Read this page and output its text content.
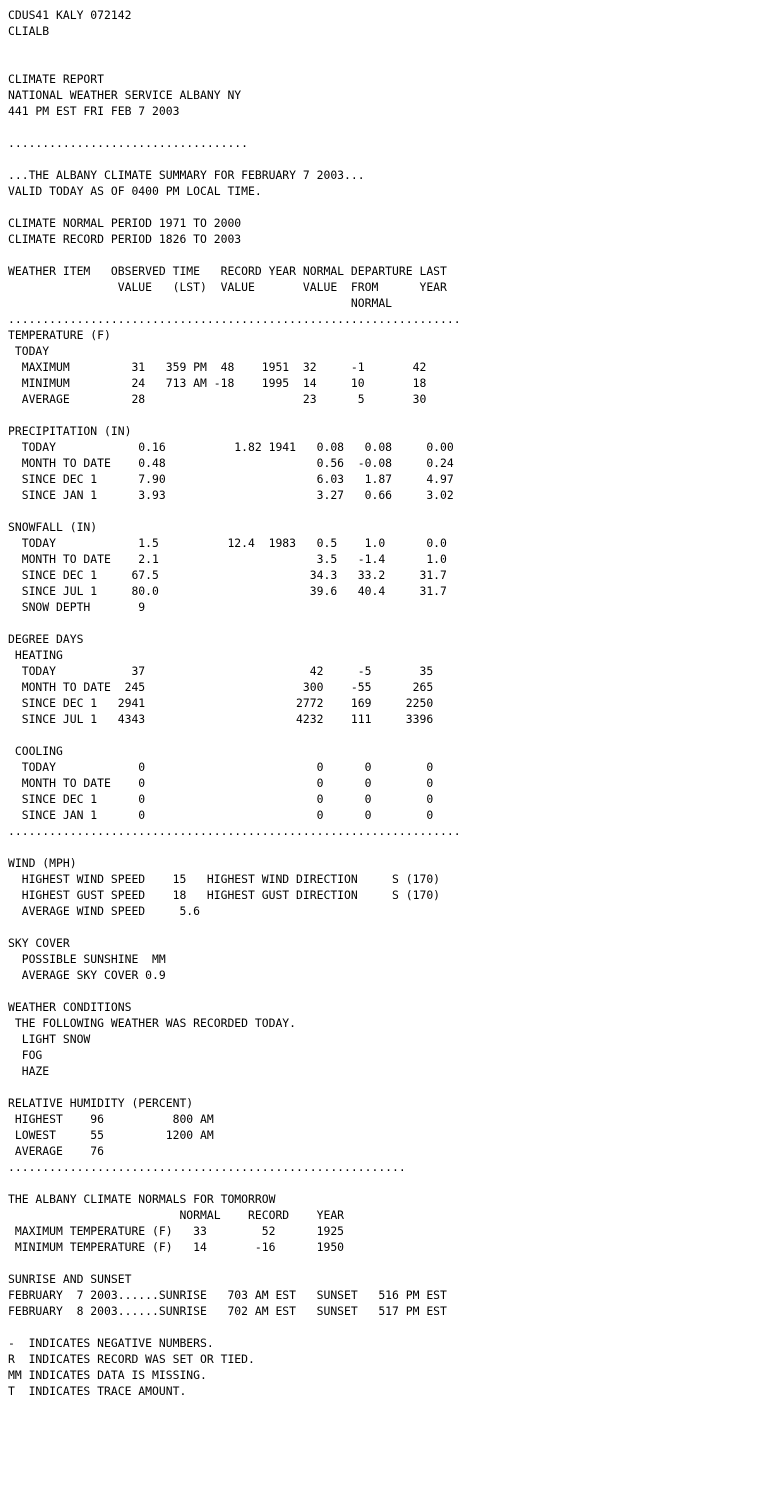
CDUS41 KALY 072142
CLIALB
CLIMATE REPORT
NATIONAL WEATHER SERVICE ALBANY NY
441 PM EST FRI FEB 7 2003
...................................
...THE ALBANY CLIMATE SUMMARY FOR FEBRUARY 7 2003...
VALID TODAY AS OF 0400 PM LOCAL TIME.
CLIMATE NORMAL PERIOD 1971 TO 2000
CLIMATE RECORD PERIOD 1826 TO 2003
WEATHER ITEM   OBSERVED TIME   RECORD YEAR NORMAL DEPARTURE LAST
VALUE   (LST)  VALUE       VALUE  FROM      YEAR
NORMAL
..................................................................
TEMPERATURE (F)
TODAY
MAXIMUM         31   359 PM  48    1951  32     -1       42
MINIMUM         24   713 AM -18    1995  14     10       18
AVERAGE         28                       23      5       30
PRECIPITATION (IN)
TODAY            0.16          1.82 1941   0.08   0.08     0.00
MONTH TO DATE    0.48                      0.56  -0.08     0.24
SINCE DEC 1      7.90                      6.03   1.87     4.97
SINCE JAN 1      3.93                      3.27   0.66     3.02
SNOWFALL (IN)
TODAY            1.5          12.4  1983   0.5    1.0      0.0
MONTH TO DATE    2.1                       3.5   -1.4      1.0
SINCE DEC 1     67.5                      34.3   33.2     31.7
SINCE JUL 1     80.0                      39.6   40.4     31.7
SNOW DEPTH       9
DEGREE DAYS
HEATING
TODAY           37                        42     -5       35
MONTH TO DATE  245                       300    -55      265
SINCE DEC 1   2941                      2772    169     2250
SINCE JUL 1   4343                      4232    111     3396
COOLING
TODAY            0                         0      0        0
MONTH TO DATE    0                         0      0        0
SINCE DEC 1      0                         0      0        0
SINCE JAN 1      0                         0      0        0
..................................................................
WIND (MPH)
HIGHEST WIND SPEED    15   HIGHEST WIND DIRECTION     S (170)
HIGHEST GUST SPEED    18   HIGHEST GUST DIRECTION     S (170)
AVERAGE WIND SPEED     5.6
SKY COVER
POSSIBLE SUNSHINE  MM
AVERAGE SKY COVER 0.9
WEATHER CONDITIONS
THE FOLLOWING WEATHER WAS RECORDED TODAY.
LIGHT SNOW
FOG
HAZE
RELATIVE HUMIDITY (PERCENT)
HIGHEST    96          800 AM
LOWEST     55         1200 AM
AVERAGE    76
..........................................................
THE ALBANY CLIMATE NORMALS FOR TOMORROW
NORMAL    RECORD    YEAR
MAXIMUM TEMPERATURE (F)   33        52      1925
MINIMUM TEMPERATURE (F)   14       -16      1950
SUNRISE AND SUNSET
FEBRUARY  7 2003......SUNRISE   703 AM EST   SUNSET   516 PM EST
FEBRUARY  8 2003......SUNRISE   702 AM EST   SUNSET   517 PM EST
-  INDICATES NEGATIVE NUMBERS.
R  INDICATES RECORD WAS SET OR TIED.
MM INDICATES DATA IS MISSING.
T  INDICATES TRACE AMOUNT.
